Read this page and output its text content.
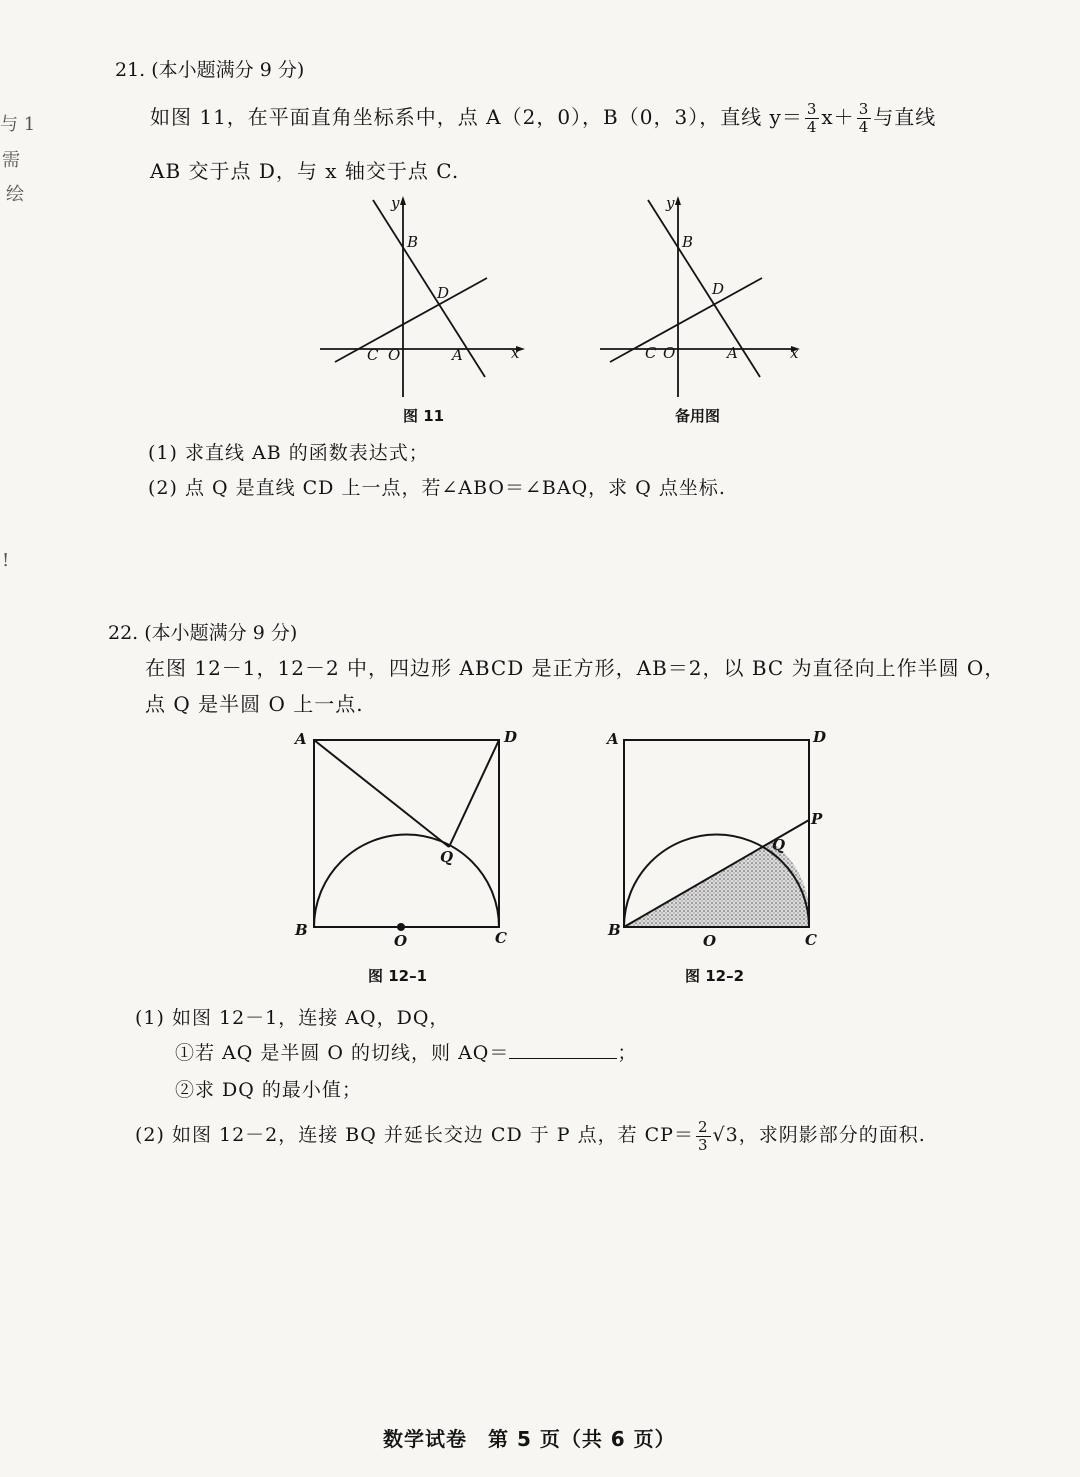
与 1
需
绘
!
21. (本小题满分 9 分)
如图 11，在平面直角坐标系中，点 A（2，0），B（0，3），直线 $y= \frac{3}{4} x+ \frac{3}{4}$ 与直线
AB 交于点 D，与 x 轴交于点 C.
y
x
B
D
C O	A
图 11
y
x
B
D
C O	A
备用图
(1) 求直线 AB 的函数表达式；
(2) 点 Q 是直线 CD 上一点，若∠ABO＝∠BAQ，求 Q 点坐标.
22. (本小题满分 9 分)
在图 12－1，12－2 中，四边形 ABCD 是正方形，AB＝2，以 BC 为直径向上作半圆 O，
点 Q 是半圆 O 上一点.
A	D
Q
B
O	C
图 12–1
A	D
P
Q
B
O	C
图 12–2
(1) 如图 12－1，连接 AQ，DQ，
①若 AQ 是半圆 O 的切线，则 AQ＝	；
②求 DQ 的最小值；
(2) 如图 12－2，连接 BQ 并延长交边 CD 于 P 点，若 $CP= \frac{2}{3} √3$，求阴影部分的面积.
数学试卷　第 5 页（共 6 页）
